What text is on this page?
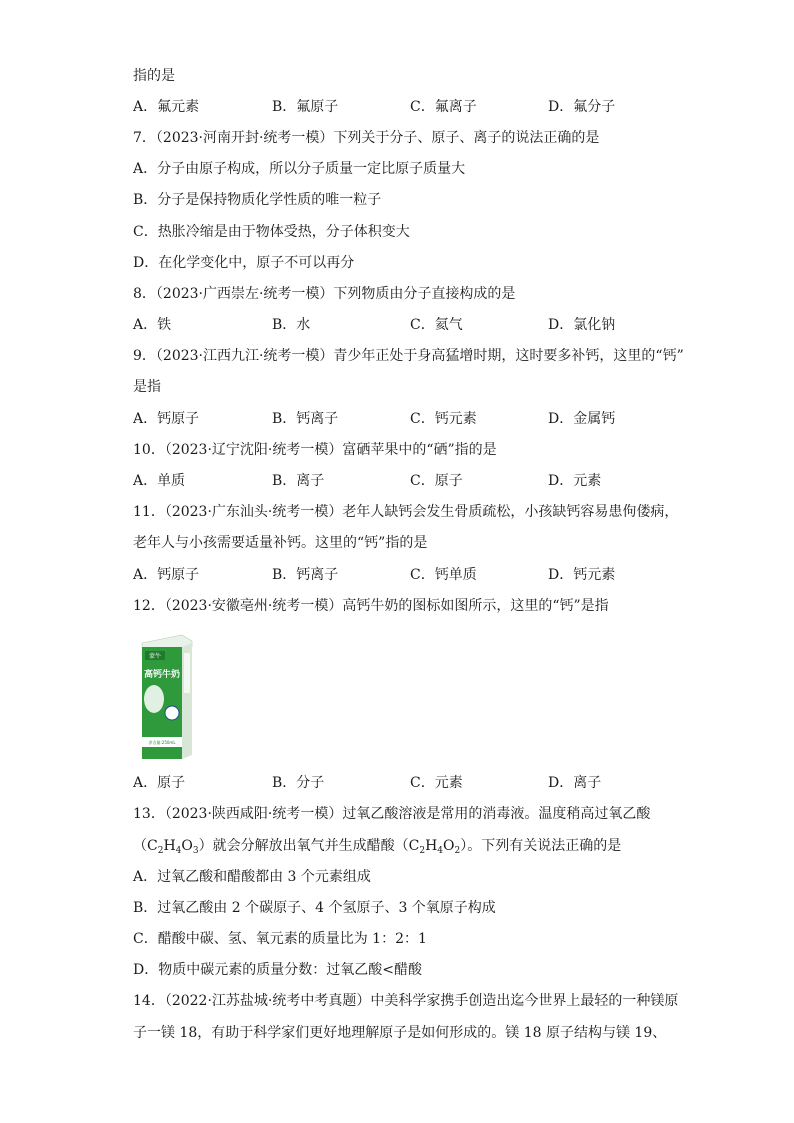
指的是
A．氟元素	B．氟原子	C．氟离子	D．氟分子
7．（2023·河南开封·统考一模）下列关于分子、原子、离子的说法正确的是
A．分子由原子构成，所以分子质量一定比原子质量大
B．分子是保持物质化学性质的唯一粒子
C．热胀冷缩是由于物体受热，分子体积变大
D．在化学变化中，原子不可以再分
8．（2023·广西崇左·统考一模）下列物质由分子直接构成的是
A．铁	B．水	C．氦气	D．氯化钠
9．（2023·江西九江·统考一模）青少年正处于身高猛增时期，这时要多补钙，这里的“钙”
是指
A．钙原子	B．钙离子	C．钙元素	D．金属钙
10．（2023·辽宁沈阳·统考一模）富硒苹果中的“硒”指的是
A．单质	B．离子	C．原子	D．元素
11．（2023·广东汕头·统考一模）老年人缺钙会发生骨质疏松，小孩缺钙容易患佝偻病，
老年人与小孩需要适量补钙。这里的“钙”指的是
A．钙原子	B．钙离子	C．钙单质	D．钙元素
12．（2023·安徽亳州·统考一模）高钙牛奶的图标如图所示，这里的“钙”是指
蒙牛
高钙牛奶
净含量:250mL
A．原子	B．分子	C．元素	D．离子
13．（2023·陕西咸阳·统考一模）过氧乙酸溶液是常用的消毒液。温度稍高过氧乙酸
$(C_2H_4O_3)$就会分解放出氧气并生成醋酸$(C_2H_4O_2)$。下列有关说法正确的是
A．过氧乙酸和醋酸都由 3 个元素组成
B．过氧乙酸由 2 个碳原子、4 个氢原子、3 个氧原子构成
C．醋酸中碳、氢、氧元素的质量比为 1：2：1
D．物质中碳元素的质量分数：过氧乙酸<醋酸
14．（2022·江苏盐城·统考中考真题）中美科学家携手创造出迄今世界上最轻的一种镁原
子一镁 18，有助于科学家们更好地理解原子是如何形成的。镁 18 原子结构与镁 19、
